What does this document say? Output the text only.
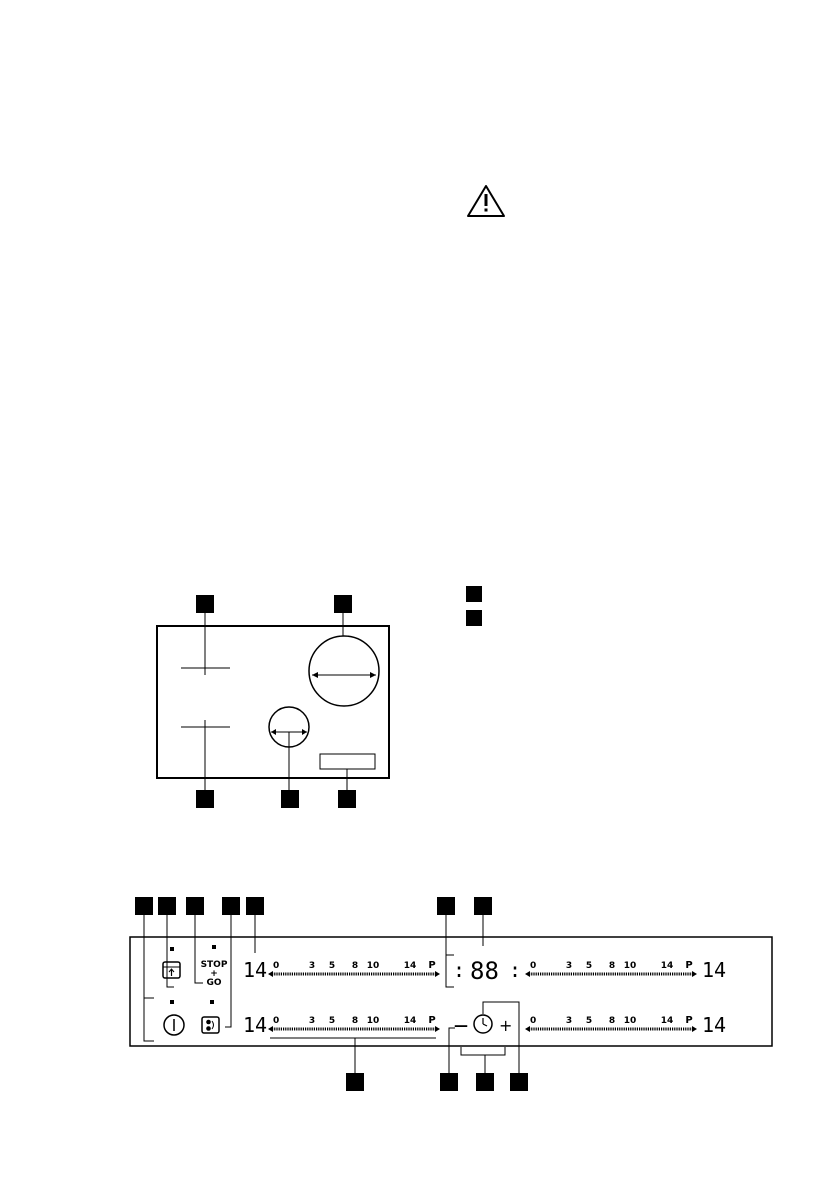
STOP
+
GO
14
14
14
14
: 88 :
— +
0	3 5 8 10	14 P
0	3 5 8 10	14 P
0	3 5 8 10	14 P
0	3 5 8 10	14 P
